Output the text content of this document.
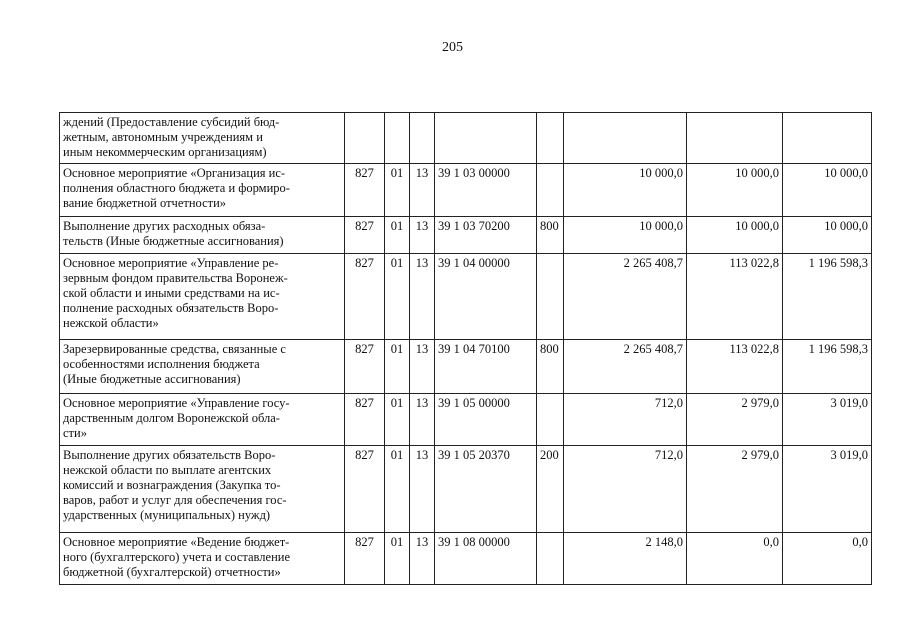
205
ждений (Предоставление субсидий бюд-
жетным, автономным учреждениям и
иным некоммерческим организациям)								

Основное мероприятие «Организация ис-
полнения областного бюджета и формиро-
вание бюджетной отчетности»	827	01	13	39 1 03 00000		10 000,0	10 000,0	10 000,0

Выполнение других расходных обяза-
тельств (Иные бюджетные ассигнования)	827	01	13	39 1 03 70200	800	10 000,0	10 000,0	10 000,0

Основное мероприятие «Управление ре-
зервным фондом правительства Воронеж-
ской области и иными средствами на ис-
полнение расходных обязательств Воро-
нежской области»	827	01	13	39 1 04 00000		2 265 408,7	113 022,8	1 196 598,3

Зарезервированные средства, связанные с
особенностями исполнения бюджета
(Иные бюджетные ассигнования)	827	01	13	39 1 04 70100	800	2 265 408,7	113 022,8	1 196 598,3

Основное мероприятие «Управление госу-
дарственным долгом Воронежской обла-
сти»	827	01	13	39 1 05 00000		712,0	2 979,0	3 019,0

Выполнение других обязательств Воро-
нежской области по выплате агентских
комиссий и вознаграждения (Закупка то-
варов, работ и услуг для обеспечения гос-
ударственных (муниципальных) нужд)	827	01	13	39 1 05 20370	200	712,0	2 979,0	3 019,0

Основное мероприятие «Ведение бюджет-
ного (бухгалтерского) учета и составление
бюджетной (бухгалтерской) отчетности»	827	01	13	39 1 08 00000		2 148,0	0,0	0,0
